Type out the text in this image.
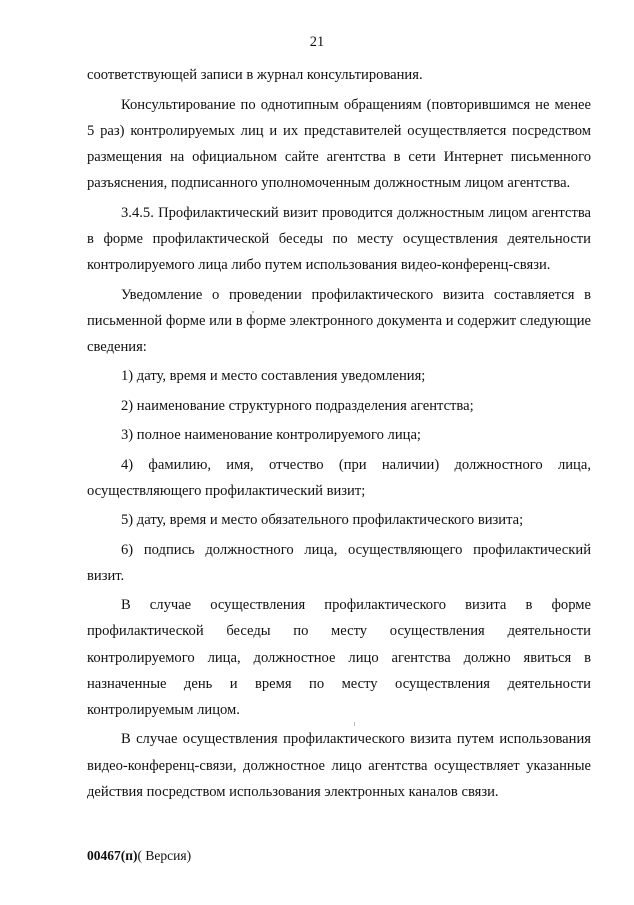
21

соответствующей записи в журнал консультирования.

Консультирование по однотипным обращениям (повторившимся не менее 5 раз) контролируемых лиц и их представителей осуществляется посредством размещения на официальном сайте агентства в сети Интернет письменного разъяснения, подписанного уполномоченным должностным лицом агентства.

3.4.5. Профилактический визит проводится должностным лицом агентства в форме профилактической беседы по месту осуществления деятельности контролируемого лица либо путем использования видео-конференц-связи.

Уведомление о проведении профилактического визита составляется в письменной форме или в форме электронного документа и содержит следующие сведения:

1) дату, время и место составления уведомления;

2) наименование структурного подразделения агентства;

3) полное наименование контролируемого лица;

4) фамилию, имя, отчество (при наличии) должностного лица, осуществляющего профилактический визит;

5) дату, время и место обязательного профилактического визита;

6) подпись должностного лица, осуществляющего профилактический визит.

В случае осуществления профилактического визита в форме профилактической беседы по месту осуществления деятельности контролируемого лица, должностное лицо агентства должно явиться в назначенные день и время по месту осуществления деятельности контролируемым лицом.

В случае осуществления профилактического визита путем использования видео-конференц-связи, должностное лицо агентства осуществляет указанные действия посредством использования электронных каналов связи.

00467(п)( Версия)
